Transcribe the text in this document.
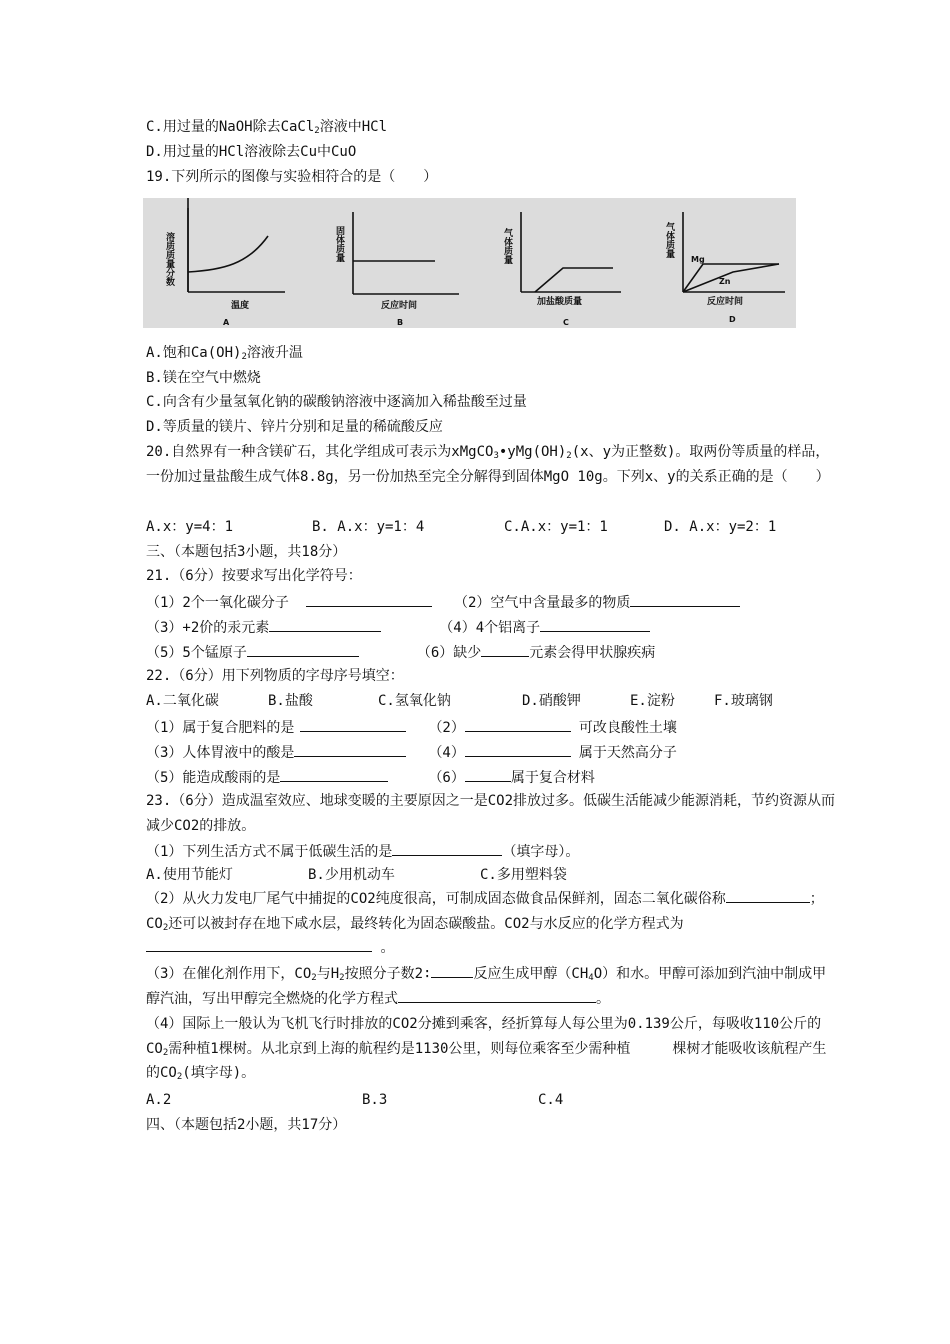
C.用过量的NaOH除去CaCl$_2$溶液中HCl
D.用过量的HCl溶液除去Cu中CuO
19.下列所示的图像与实验相符合的是（　　）
溶质质量分数
温度
A
固体质量
反应时间
B
气体质量
加盐酸质量
C
气体质量
反应时间
D
Mg
Zn
A.饱和$Ca(OH)_2$溶液升温
B.镁在空气中燃烧
C.向含有少量氢氧化钠的碳酸钠溶液中逐滴加入稀盐酸至过量
D.等质量的镁片、锌片分别和足量的稀硫酸反应
20.自然界有一种含镁矿石，其化学组成可表示为$xMgCO_3•yMg(OH)_2(x$、y为正整数)。取两份等质量的样品，一份加过量盐酸生成气体8.8g，另一份加热至完全分解得到固体MgO 10g。下列x、y的关系正确的是（　　）
A.x：y=4：1	B. A.x：y=1：4	C.A.x：y=1：1	D. A.x：y=2：1
三、（本题包括3小题，共18分）
21.（6分）按要求写出化学符号：
（1）2个一氧化碳分子	（2）空气中含量最多的物质
（3）+2价的汞元素	（4）4个铝离子
（5）5个锰原子	（6）缺少	元素会得甲状腺疾病
22.（6分）用下列物质的字母序号填空：
A.二氧化碳	B.盐酸	C.氢氧化钠	D.硝酸钾	E.淀粉	F.玻璃钢
（1）属于复合肥料的是	（2）	可改良酸性土壤
（3）人体胃液中的酸是	（4）	属于天然高分子
（5）能造成酸雨的是	（6）	属于复合材料
23.（6分）造成温室效应、地球变暖的主要原因之一是CO2排放过多。低碳生活能减少能源消耗，节约资源从而减少CO2的排放。
（1）下列生活方式不属于低碳生活的是	（填字母）。
A.使用节能灯	B.少用机动车	C.多用塑料袋
（2）从火力发电厂尾气中捕捉的CO2纯度很高，可制成固态做食品保鲜剂，固态二氧化碳俗称	；$CO_2$还可以被封存在地下咸水层，最终转化为固态碳酸盐。CO2与水反应的化学方程式为  。
（3）在催化剂作用下，$CO_2$与$H_2$按照分子数2∶	反应生成甲醇$(CH_4O)$和水。甲醇可添加到汽油中制成甲醇汽油，写出甲醇完全燃烧的化学方程式	。
（4）国际上一般认为飞机飞行时排放的CO2分摊到乘客，经折算每人每公里为0.139公斤，每吸收110公斤的$CO_2$需种植1棵树。从北京到上海的航程约是1130公里，则每位乘客至少需种植　　　棵树才能吸收该航程产生的$CO_2$(填字母)。
A.2	B.3	C.4
四、（本题包括2小题，共17分）
